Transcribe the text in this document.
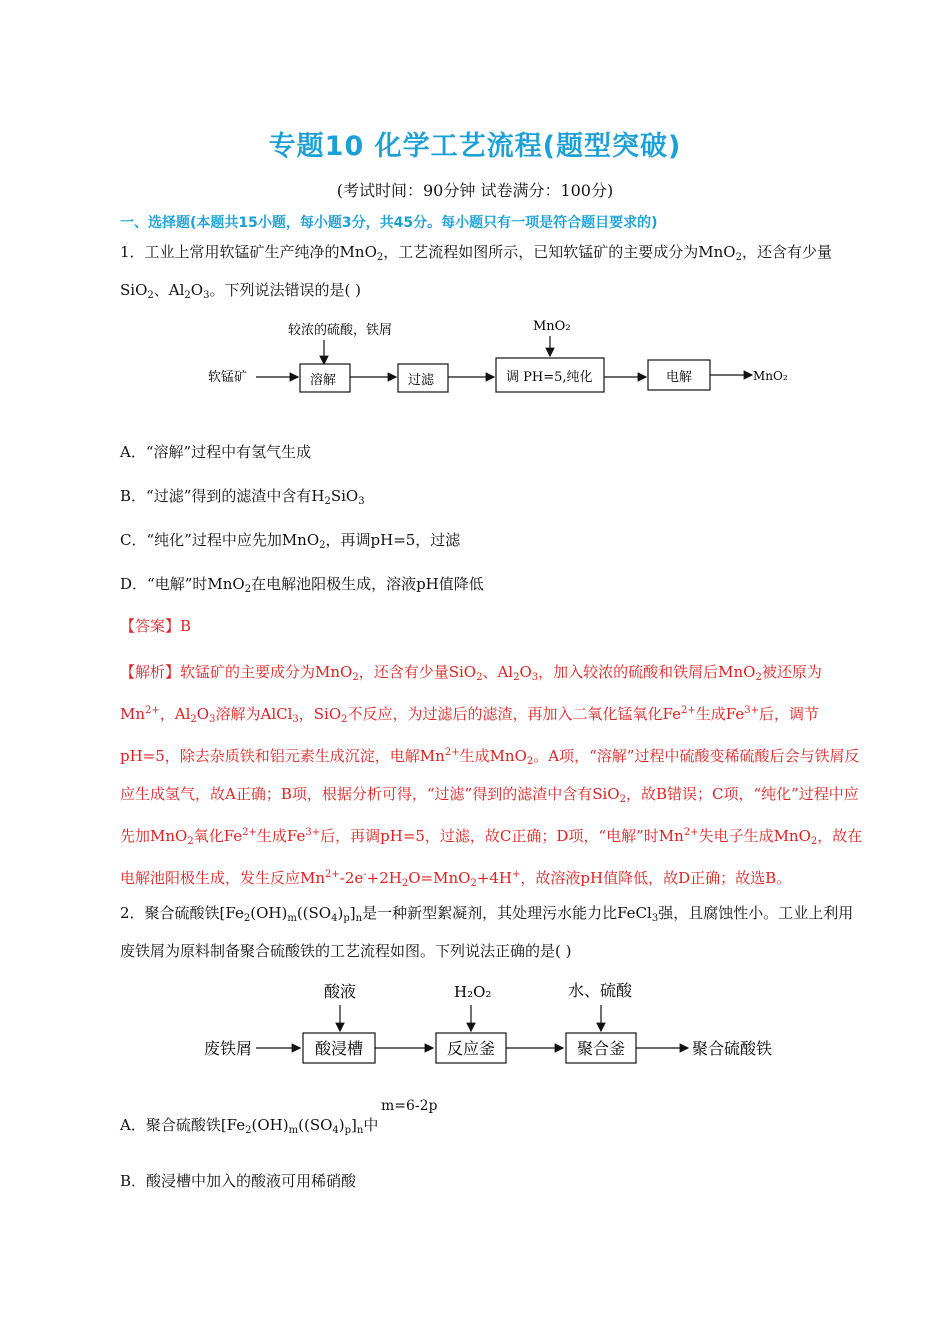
专题10 化学工艺流程(题型突破)
(考试时间：90分钟 试卷满分：100分)
一、选择题(本题共15小题，每小题3分，共45分。每小题只有一项是符合题目要求的)
1．工业上常用软锰矿生产纯净的MnO$_2$，工艺流程如图所示，已知软锰矿的主要成分为MnO$_2$，还含有少量SiO$_2$、$Al_2O_3$。下列说法错误的是( )
较浓的硫酸，铁屑	MnO₂
软锰矿	溶解	过滤	调 PH=5,纯化	电解	MnO₂
A．“溶解”过程中有氢气生成
B．“过滤”得到的滤渣中含有$H_2SiO_3$
C．“纯化”过程中应先加MnO$_2$，再调pH=5，过滤
D．“电解”时MnO$_2$在电解池阳极生成，溶液pH值降低
【答案】B
【解析】软锰矿的主要成分为MnO$_2$，还含有少量SiO$_2$、$Al_2O_3$，加入较浓的硫酸和铁屑后MnO$_2$被还原为$Mn^{2+}$，$Al_2O_3$溶解为AlCl$_3$，SiO$_2$不反应，为过滤后的滤渣，再加入二氧化锰氧化$Fe^{2+}$生成$Fe^{3+}$后，调节pH=5，除去杂质铁和铝元素生成沉淀，电解$Mn^{2+}$生成MnO$_2$。A项，“溶解”过程中硫酸变稀硫酸后会与铁屑反应生成氢气，故A正确；B项，根据分析可得，“过滤”得到的滤渣中含有SiO$_2$，故B错误；C项，“纯化”过程中应先加MnO$_2$氧化$Fe^{2+}$生成$Fe^{3+}$后，再调pH=5，过滤，故C正确；D项，“电解”时$Mn^{2+}$失电子生成MnO$_2$，故在电解池阳极生成，发生反应$Mn^{2+}-2e^-+2H_2O=MnO_2+4H^+$，故溶液pH值降低，故D正确；故选B。
2．聚合硫酸铁[$Fe_2(OH)_m((SO_4)_p]_n$是一种新型絮凝剂，其处理污水能力比FeCl$_3$强，且腐蚀性小。工业上利用废铁屑为原料制备聚合硫酸铁的工艺流程如图。下列说法正确的是( )
酸液	H₂O₂	水、硫酸
废铁屑	酸浸槽	反应釜	聚合釜	聚合硫酸铁
m=6-2p
A．聚合硫酸铁[$Fe_2(OH)_m((SO_4)_p]_n$中
B．酸浸槽中加入的酸液可用稀硝酸
